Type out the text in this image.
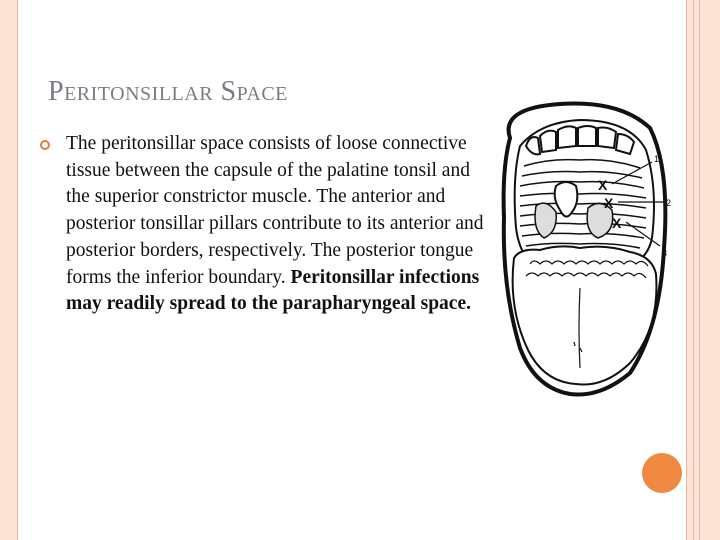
Peritonsillar Space

The peritonsillar space consists of loose connective tissue between the capsule of the palatine tonsil and the superior constrictor muscle. The anterior and posterior tonsillar pillars contribute to its anterior and posterior borders, respectively. The posterior tongue forms the inferior boundary. Peritonsillar infections may readily spread to the parapharyngeal space.

X
X
X
1
2
3
